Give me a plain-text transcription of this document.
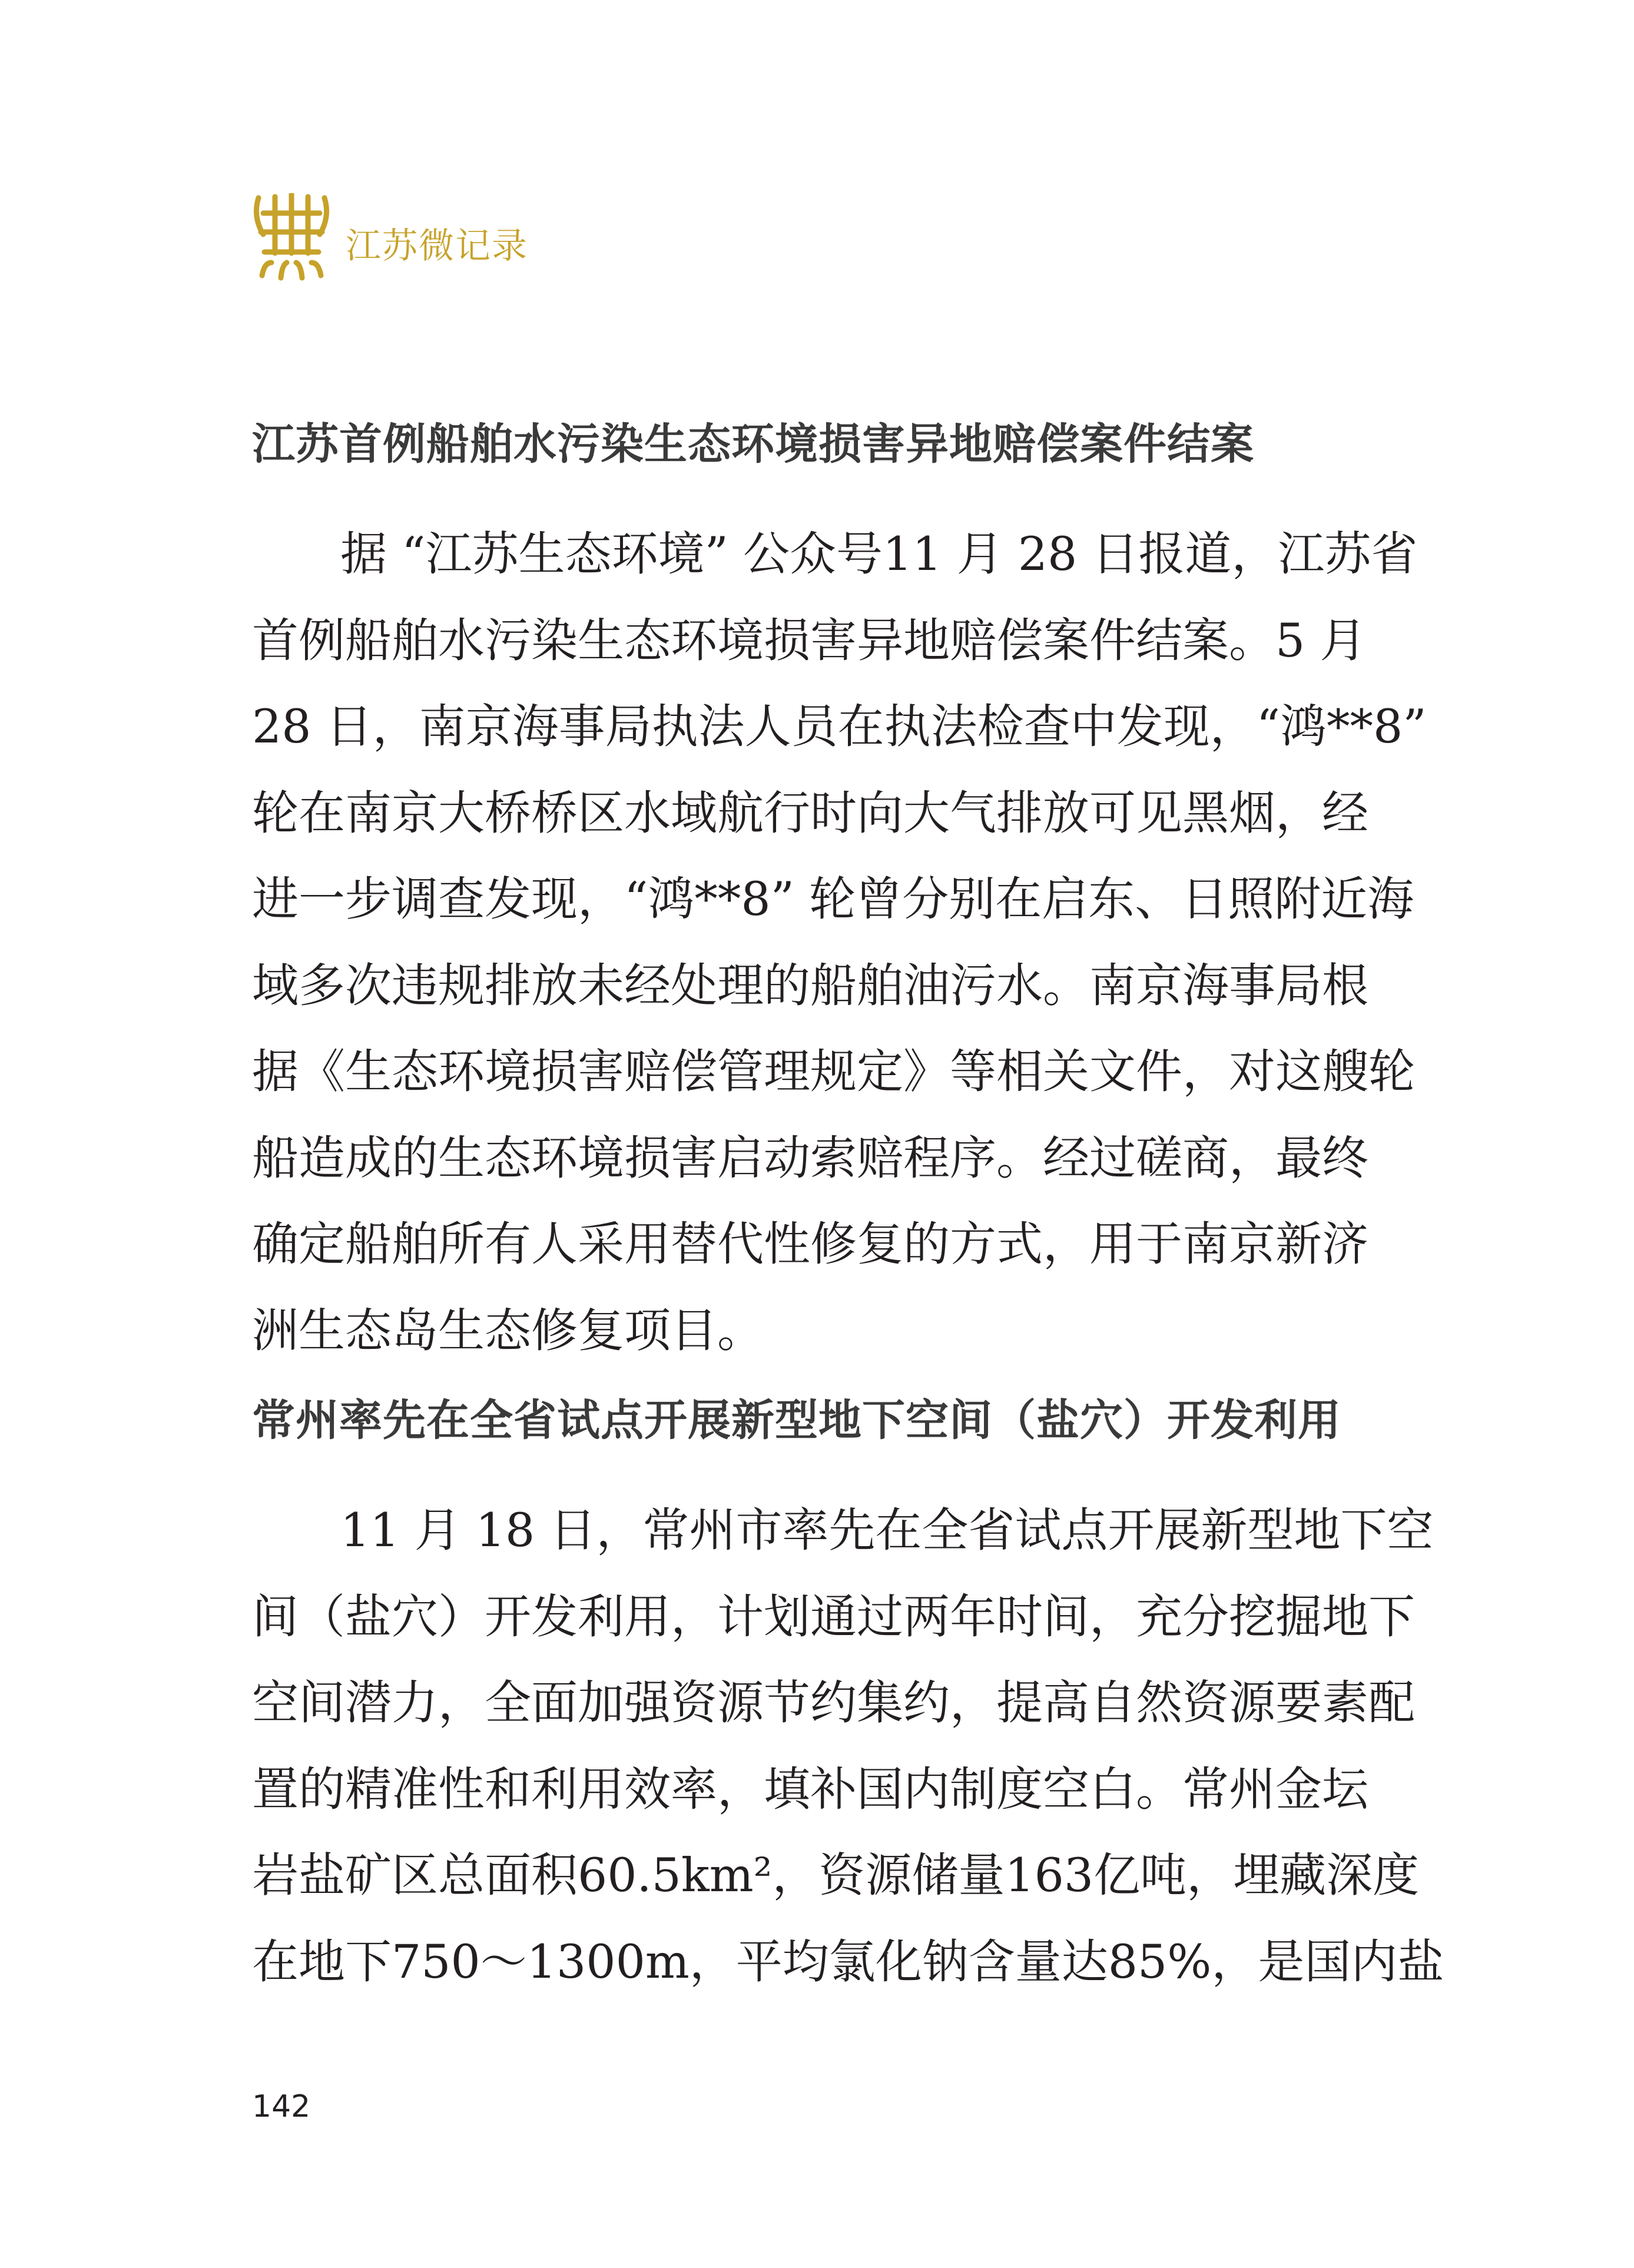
江苏微记录
江苏首例船舶水污染生态环境损害异地赔偿案件结案
据 “江苏生态环境” 公众号11 月 28 日报道，江苏省
首例船舶水污染生态环境损害异地赔偿案件结案。5 月
28 日，南京海事局执法人员在执法检查中发现，“鸿**8”
轮在南京大桥桥区水域航行时向大气排放可见黑烟，经
进一步调查发现，“鸿**8” 轮曾分别在启东、日照附近海
域多次违规排放未经处理的船舶油污水。南京海事局根
据《生态环境损害赔偿管理规定》等相关文件，对这艘轮
船造成的生态环境损害启动索赔程序。经过磋商，最终
确定船舶所有人采用替代性修复的方式，用于南京新济
洲生态岛生态修复项目。
常州率先在全省试点开展新型地下空间（盐穴）开发利用
11 月 18 日，常州市率先在全省试点开展新型地下空
间（盐穴）开发利用，计划通过两年时间，充分挖掘地下
空间潜力，全面加强资源节约集约，提高自然资源要素配
置的精准性和利用效率，填补国内制度空白。常州金坛
岩盐矿区总面积60.5km²，资源储量163亿吨，埋藏深度
在地下750～1300m，平均氯化钠含量达85%，是国内盐
142
